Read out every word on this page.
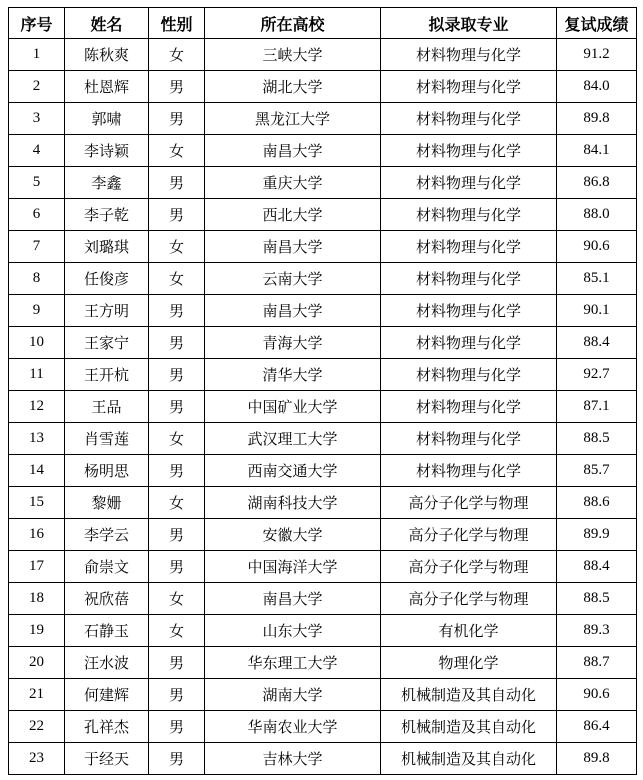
序号	姓名	性别	所在高校	拟录取专业	复试成绩
1	陈秋爽	女	三峡大学	材料物理与化学	91.2
2	杜恩辉	男	湖北大学	材料物理与化学	84.0
3	郭啸	男	黑龙江大学	材料物理与化学	89.8
4	李诗颖	女	南昌大学	材料物理与化学	84.1
5	李鑫	男	重庆大学	材料物理与化学	86.8
6	李子乾	男	西北大学	材料物理与化学	88.0
7	刘璐琪	女	南昌大学	材料物理与化学	90.6
8	任俊彦	女	云南大学	材料物理与化学	85.1
9	王方明	男	南昌大学	材料物理与化学	90.1
10	王家宁	男	青海大学	材料物理与化学	88.4
11	王开杭	男	清华大学	材料物理与化学	92.7
12	王品	男	中国矿业大学	材料物理与化学	87.1
13	肖雪莲	女	武汉理工大学	材料物理与化学	88.5
14	杨明思	男	西南交通大学	材料物理与化学	85.7
15	黎姗	女	湖南科技大学	高分子化学与物理	88.6
16	李学云	男	安徽大学	高分子化学与物理	89.9
17	俞崇文	男	中国海洋大学	高分子化学与物理	88.4
18	祝欣蓓	女	南昌大学	高分子化学与物理	88.5
19	石静玉	女	山东大学	有机化学	89.3
20	汪水波	男	华东理工大学	物理化学	88.7
21	何建辉	男	湖南大学	机械制造及其自动化	90.6
22	孔祥杰	男	华南农业大学	机械制造及其自动化	86.4
23	于经天	男	吉林大学	机械制造及其自动化	89.8
